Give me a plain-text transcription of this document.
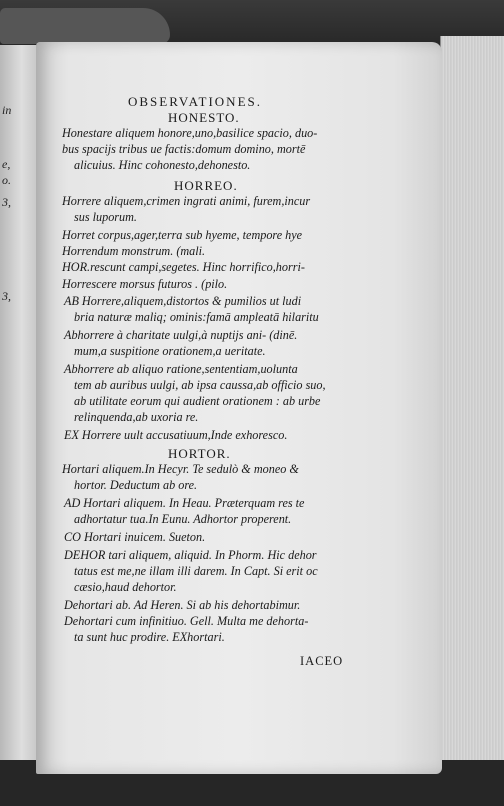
in
e,
o.
3,
3,
OBSERVATIONES.
HONESTO.
Honestare aliquem honore,uno,basilice spacio, duo-
bus spacijs tribus ue factis:domum domino, mortē
alicuius. Hinc cohonesto,dehonesto.
HORREO.
Horrere aliquem,crimen ingrati animi, furem,incur
sus luporum.
Horret corpus,ager,terra sub hyeme, tempore hye
Horrendum monstrum. (mali.
HOR.rescunt campi,segetes. Hinc horrifico,horri-
Horrescere morsus futuros . (pilo.
AB Horrere,aliquem,distortos & pumilios ut ludi
bria naturæ maliq; ominis:famā ampleatā hilaritu
Abhorrere à charitate uulgi,à nuptijs ani- (dinē.
mum,a suspitione orationem,a ueritate.
Abhorrere ab aliquo ratione,sententiam,uolunta
tem ab auribus uulgi, ab ipsa caussa,ab officio suo,
ab utilitate eorum qui audient orationem : ab urbe
relinquenda,ab uxoria re.
EX Horrere uult accusatiuum,Inde exhoresco.
HORTOR.
Hortari aliquem.In Hecyr. Te sedulò & moneo &
hortor. Deductum ab ore.
AD Hortari aliquem. In Heau. Præterquam res te
adhortatur tua.In Eunu. Adhortor properent.
CO Hortari inuicem. Sueton.
DEHOR tari aliquem, aliquid. In Phorm. Hic dehor
tatus est me,ne illam illi darem. In Capt. Si erit oc
cæsio,haud dehortor.
Dehortari ab. Ad Heren. Si ab his dehortabimur.
Dehortari cum infinitiuo. Gell. Multa me dehorta-
ta sunt huc prodire. EXhortari.
IACEO
